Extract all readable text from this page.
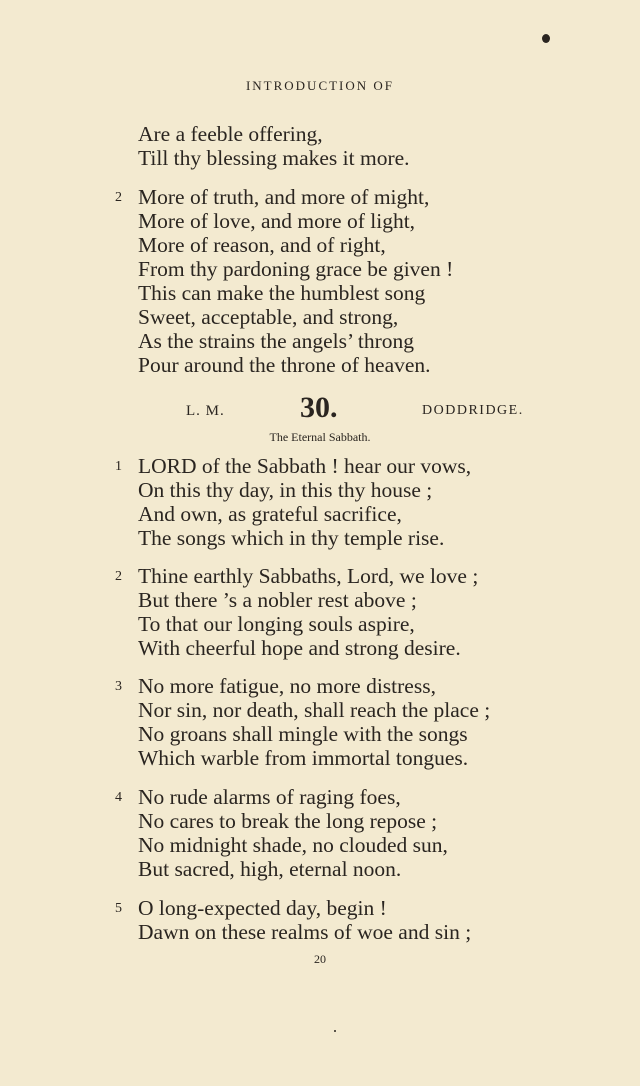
INTRODUCTION OF
Are a feeble offering,
Till thy blessing makes it more.
2 More of truth, and more of might,
More of love, and more of light,
More of reason, and of right,
From thy pardoning grace be given !
This can make the humblest song
Sweet, acceptable, and strong,
As the strains the angels’ throng
Pour around the throne of heaven.
L. M.	30.	DODDRIDGE.
The Eternal Sabbath.
1 LORD of the Sabbath ! hear our vows,
On this thy day, in this thy house ;
And own, as grateful sacrifice,
The songs which in thy temple rise.
2 Thine earthly Sabbaths, Lord, we love ;
But there ’s a nobler rest above ;
To that our longing souls aspire,
With cheerful hope and strong desire.
3 No more fatigue, no more distress,
Nor sin, nor death, shall reach the place ;
No groans shall mingle with the songs
Which warble from immortal tongues.
4 No rude alarms of raging foes,
No cares to break the long repose ;
No midnight shade, no clouded sun,
But sacred, high, eternal noon.
5 O long-expected day, begin !
Dawn on these realms of woe and sin ;
20
